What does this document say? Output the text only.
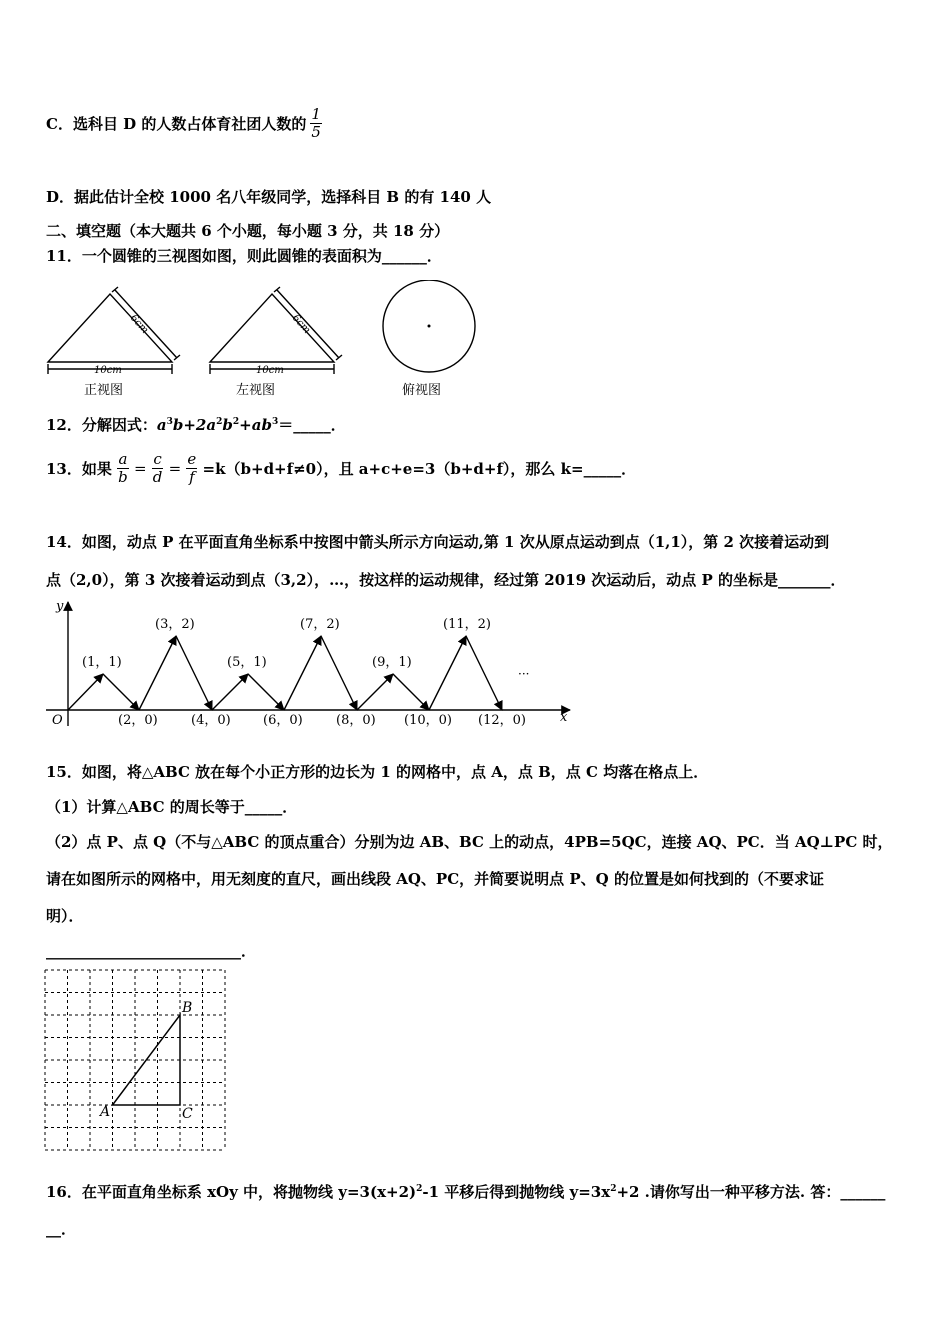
C．选科目 D 的人数占体育社团人数的 $\frac{1}{5}$
D．据此估计全校 1000 名八年级同学，选择科目 B 的有 140 人
二、填空题（本大题共 6 个小题，每小题 3 分，共 18 分）
11．一个圆锥的三视图如图，则此圆锥的表面积为______．
6cm
10cm
正视图
6cm
10cm
左视图	俯视图
12．分解因式：$a^3b+2a^2b^2+ab^3=\_\_\_\_\_$．
13．如果 $\frac{a}{b} = \frac{c}{d} = \frac{e}{f} =k(b+d+f\ne 0)$，且 a+c+e=3（b+d+f），那么 k=_____．
14．如图，动点 P 在平面直角坐标系中按图中箭头所示方向运动,第 1 次从原点运动到点（1,1），第 2 次接着运动到
点（2,0），第 3 次接着运动到点（3,2），…，按这样的运动规律，经过第 2019 次运动后，动点 P 的坐标是_______．
y
x
O
(1，1)
(3，2)
(5，1)
(7，2)
(9，1)
(11，2)
(2，0)	(4，0) (6，0)	(8，0) (10，0) (12，0)
···
15．如图，将△ABC 放在每个小正方形的边长为 1 的网格中，点 A，点 B，点 C 均落在格点上．
（1）计算△ABC 的周长等于_____．
（2）点 P、点 Q（不与△ABC 的顶点重合）分别为边 AB、BC 上的动点，4PB=5QC，连接 AQ、PC．当 AQ⊥PC 时，
请在如图所示的网格中，用无刻度的直尺，画出线段 AQ、PC，并简要说明点 P、Q 的位置是如何找到的（不要求证
明）．
__________________________．
A
B
C
16．在平面直角坐标系 xOy 中，将抛物线 $y=3(x+2)^2-1$ 平移后得到抛物线 $y=3x^2+2$ .请你写出一种平移方法. 答：______
__．
